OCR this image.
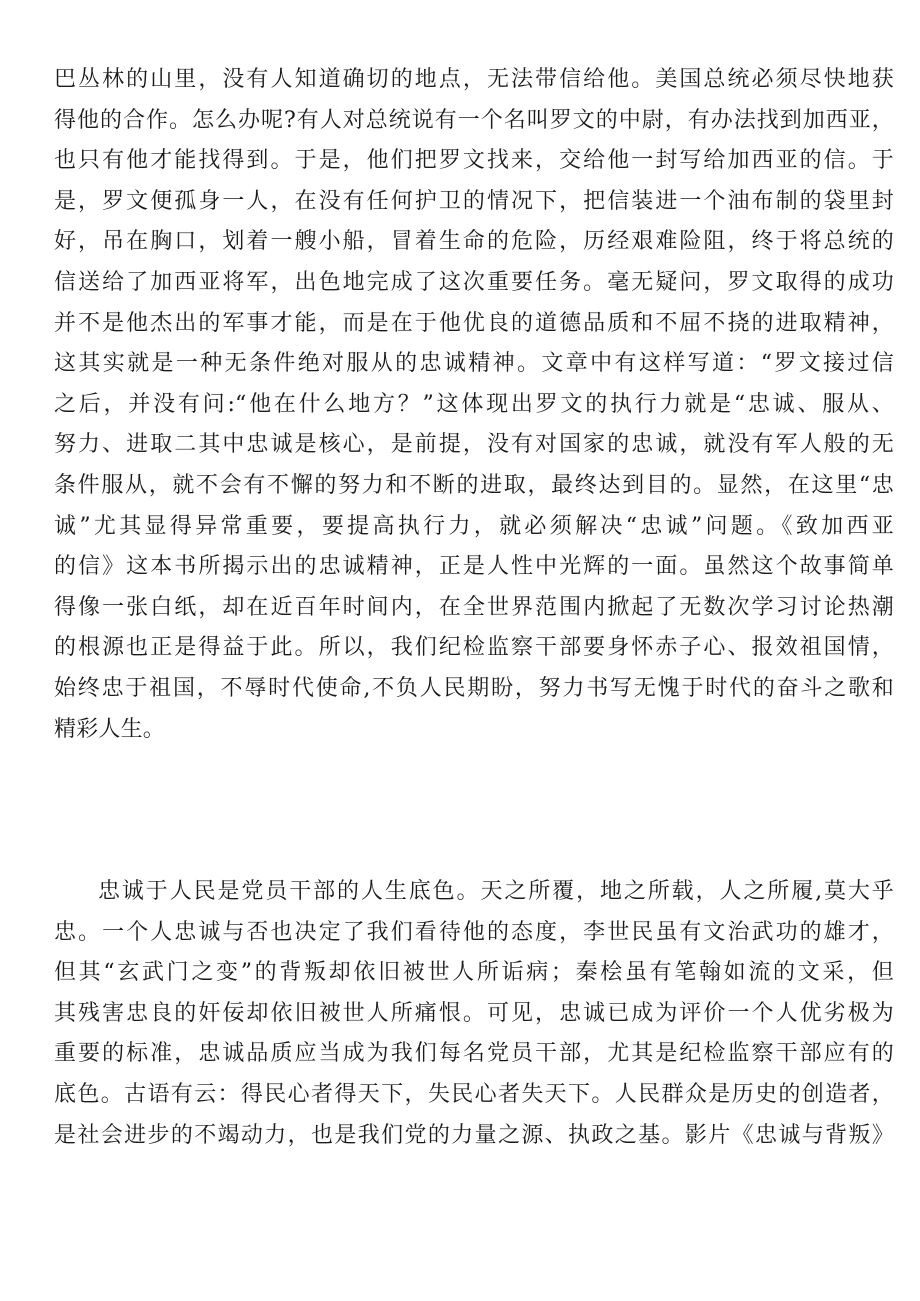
巴丛林的山里，没有人知道确切的地点，无法带信给他。美国总统必须尽快地获
得他的合作。怎么办呢?有人对总统说有一个名叫罗文的中尉，有办法找到加西亚，
也只有他才能找得到。于是，他们把罗文找来，交给他一封写给加西亚的信。于
是，罗文便孤身一人，在没有任何护卫的情况下，把信装进一个油布制的袋里封
好，吊在胸口，划着一艘小船，冒着生命的危险，历经艰难险阻，终于将总统的
信送给了加西亚将军，出色地完成了这次重要任务。毫无疑问，罗文取得的成功
并不是他杰出的军事才能，而是在于他优良的道德品质和不屈不挠的进取精神，
这其实就是一种无条件绝对服从的忠诚精神。文章中有这样写道：“罗文接过信
之后，并没有问:“他在什么地方？”这体现出罗文的执行力就是“忠诚、服从、
努力、进取二其中忠诚是核心，是前提，没有对国家的忠诚，就没有军人般的无
条件服从，就不会有不懈的努力和不断的进取，最终达到目的。显然，在这里“忠
诚”尤其显得异常重要，要提高执行力，就必须解决“忠诚”问题。《致加西亚
的信》这本书所揭示出的忠诚精神，正是人性中光辉的一面。虽然这个故事简单
得像一张白纸，却在近百年时间内，在全世界范围内掀起了无数次学习讨论热潮
的根源也正是得益于此。所以，我们纪检监察干部要身怀赤子心、报效祖国情，
始终忠于祖国，不辱时代使命,不负人民期盼，努力书写无愧于时代的奋斗之歌和
精彩人生。
忠诚于人民是党员干部的人生底色。天之所覆，地之所载，人之所履,莫大乎
忠。一个人忠诚与否也决定了我们看待他的态度，李世民虽有文治武功的雄才，
但其“玄武门之变”的背叛却依旧被世人所诟病；秦桧虽有笔翰如流的文采，但
其残害忠良的奸佞却依旧被世人所痛恨。可见，忠诚已成为评价一个人优劣极为
重要的标准，忠诚品质应当成为我们每名党员干部，尤其是纪检监察干部应有的
底色。古语有云：得民心者得天下，失民心者失天下。人民群众是历史的创造者，
是社会进步的不竭动力，也是我们党的力量之源、执政之基。影片《忠诚与背叛》
